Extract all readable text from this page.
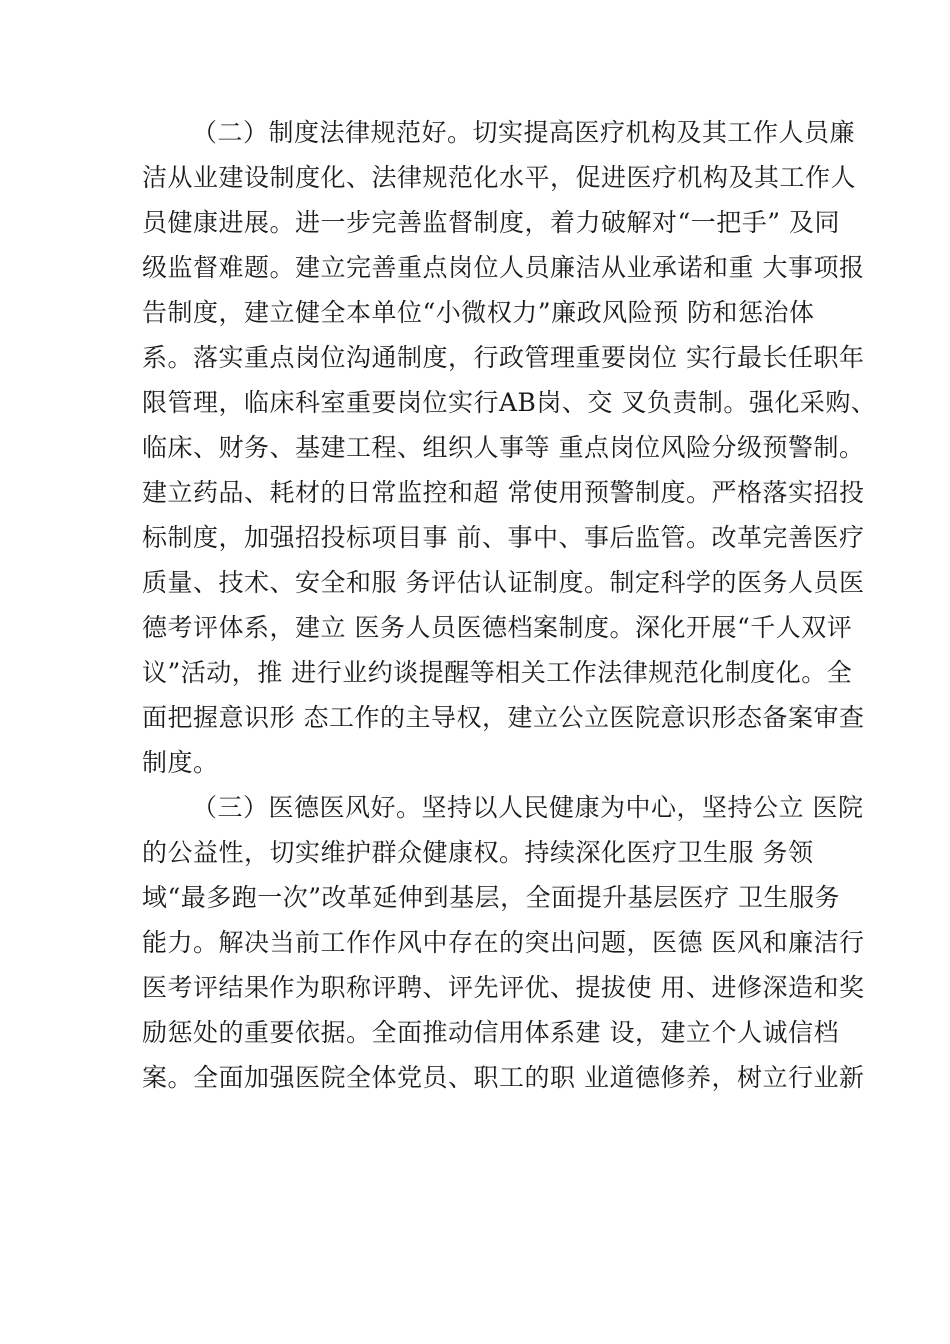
（二）制度法律规范好。切实提高医疗机构及其工作人员廉
洁从业建设制度化、法律规范化水平，促进医疗机构及其工作人
员健康进展。进一步完善监督制度，着力破解对“一把手” 及同
级监督难题。建立完善重点岗位人员廉洁从业承诺和重 大事项报
告制度，建立健全本单位“小微权力”廉政风险预 防和惩治体
系。落实重点岗位沟通制度，行政管理重要岗位 实行最长任职年
限管理，临床科室重要岗位实行AB岗、交 叉负责制。强化采购、
临床、财务、基建工程、组织人事等 重点岗位风险分级预警制。
建立药品、耗材的日常监控和超 常使用预警制度。严格落实招投
标制度，加强招投标项目事 前、事中、事后监管。改革完善医疗
质量、技术、安全和服 务评估认证制度。制定科学的医务人员医
德考评体系，建立 医务人员医德档案制度。深化开展“千人双评
议”活动，推 进行业约谈提醒等相关工作法律规范化制度化。全
面把握意识形 态工作的主导权，建立公立医院意识形态备案审查
制度。
（三）医德医风好。坚持以人民健康为中心，坚持公立 医院
的公益性，切实维护群众健康权。持续深化医疗卫生服 务领
域“最多跑一次”改革延伸到基层，全面提升基层医疗 卫生服务
能力。解决当前工作作风中存在的突出问题，医德 医风和廉洁行
医考评结果作为职称评聘、评先评优、提拔使 用、进修深造和奖
励惩处的重要依据。全面推动信用体系建 设，建立个人诚信档
案。全面加强医院全体党员、职工的职 业道德修养，树立行业新
